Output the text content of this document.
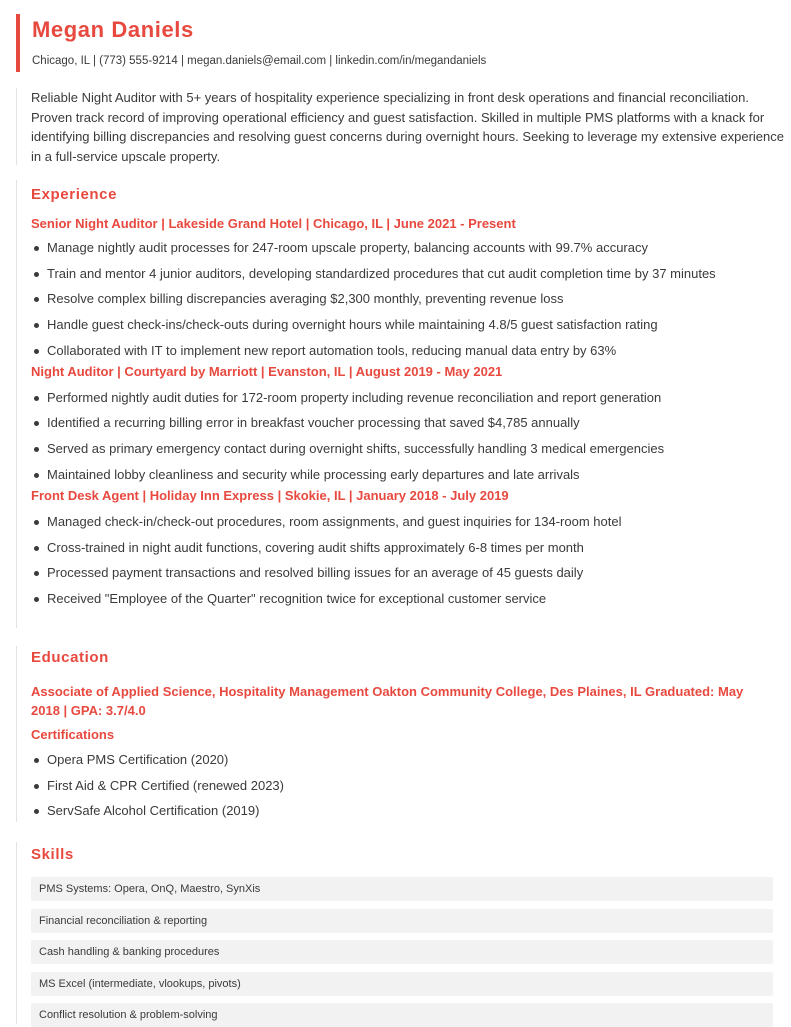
Megan Daniels
Chicago, IL | (773) 555-9214 | megan.daniels@email.com | linkedin.com/in/megandaniels
Reliable Night Auditor with 5+ years of hospitality experience specializing in front desk operations and financial reconciliation. Proven track record of improving operational efficiency and guest satisfaction. Skilled in multiple PMS platforms with a knack for identifying billing discrepancies and resolving guest concerns during overnight hours. Seeking to leverage my extensive experience in a full-service upscale property.
Experience
Senior Night Auditor | Lakeside Grand Hotel | Chicago, IL | June 2021 - Present
Manage nightly audit processes for 247-room upscale property, balancing accounts with 99.7% accuracy
Train and mentor 4 junior auditors, developing standardized procedures that cut audit completion time by 37 minutes
Resolve complex billing discrepancies averaging $2,300 monthly, preventing revenue loss
Handle guest check-ins/check-outs during overnight hours while maintaining 4.8/5 guest satisfaction rating
Collaborated with IT to implement new report automation tools, reducing manual data entry by 63%
Night Auditor | Courtyard by Marriott | Evanston, IL | August 2019 - May 2021
Performed nightly audit duties for 172-room property including revenue reconciliation and report generation
Identified a recurring billing error in breakfast voucher processing that saved $4,785 annually
Served as primary emergency contact during overnight shifts, successfully handling 3 medical emergencies
Maintained lobby cleanliness and security while processing early departures and late arrivals
Front Desk Agent | Holiday Inn Express | Skokie, IL | January 2018 - July 2019
Managed check-in/check-out procedures, room assignments, and guest inquiries for 134-room hotel
Cross-trained in night audit functions, covering audit shifts approximately 6-8 times per month
Processed payment transactions and resolved billing issues for an average of 45 guests daily
Received "Employee of the Quarter" recognition twice for exceptional customer service
Education
Associate of Applied Science, Hospitality Management Oakton Community College, Des Plaines, IL Graduated: May 2018 | GPA: 3.7/4.0
Certifications
Opera PMS Certification (2020)
First Aid & CPR Certified (renewed 2023)
ServSafe Alcohol Certification (2019)
Skills
PMS Systems: Opera, OnQ, Maestro, SynXis
Financial reconciliation & reporting
Cash handling & banking procedures
MS Excel (intermediate, vlookups, pivots)
Conflict resolution & problem-solving
